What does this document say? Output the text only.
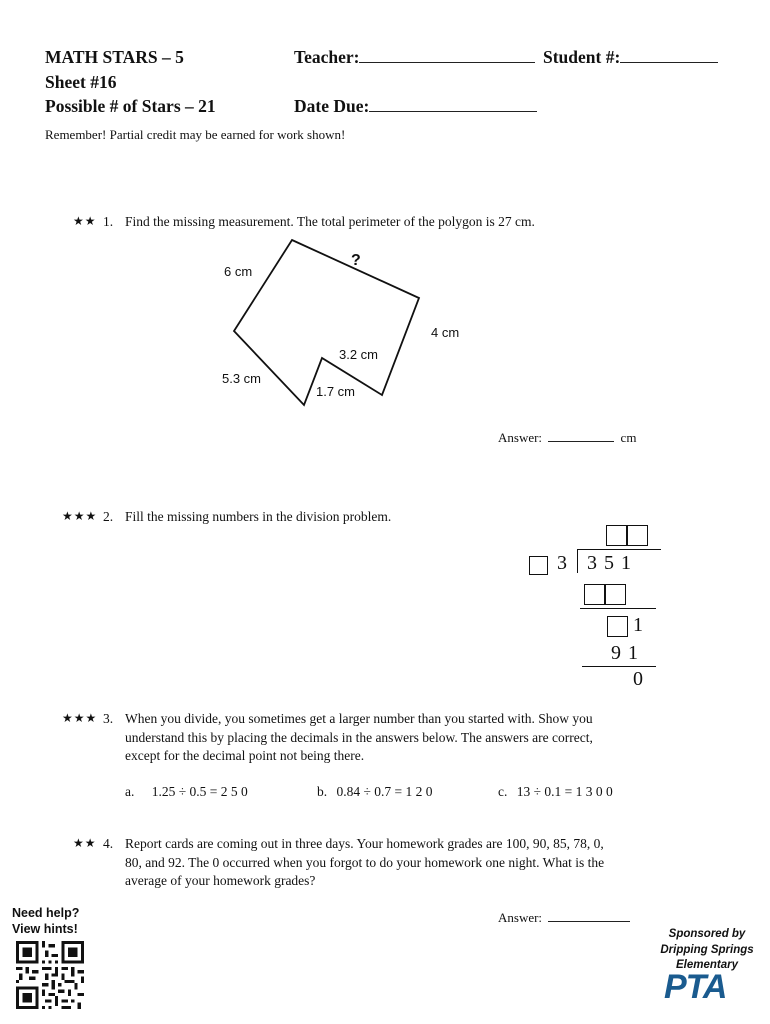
MATH STARS – 5
Sheet #16
Possible # of Stars – 21
Teacher:	Student #:
Date Due:
Remember! Partial credit may be earned for work shown!
★★ 1. Find the missing measurement. The total perimeter of the polygon is 27 cm.
6 cm
?
4 cm
3.2 cm
5.3 cm
1.7 cm
Answer:	cm
★★★ 2. Fill the missing numbers in the division problem.
3 3 5 1
1
9 1
0
★★★ 3. When you divide, you sometimes get a larger number than you started with. Show you
understand this by placing the decimals in the answers below. The answers are correct,
except for the decimal point not being there.
a. 1.25 ÷ 0.5 = 2 5 0	b. 0.84 ÷ 0.7 = 1 2 0	c. 13 ÷ 0.1 = 1 3 0 0
★★ 4. Report cards are coming out in three days. Your homework grades are 100, 90, 85, 78, 0,
80, and 92. The 0 occurred when you forgot to do your homework one night. What is the
average of your homework grades?
Answer:
Need help?
View hints!	Sponsored by
Dripping Springs
Elementary
PTA
